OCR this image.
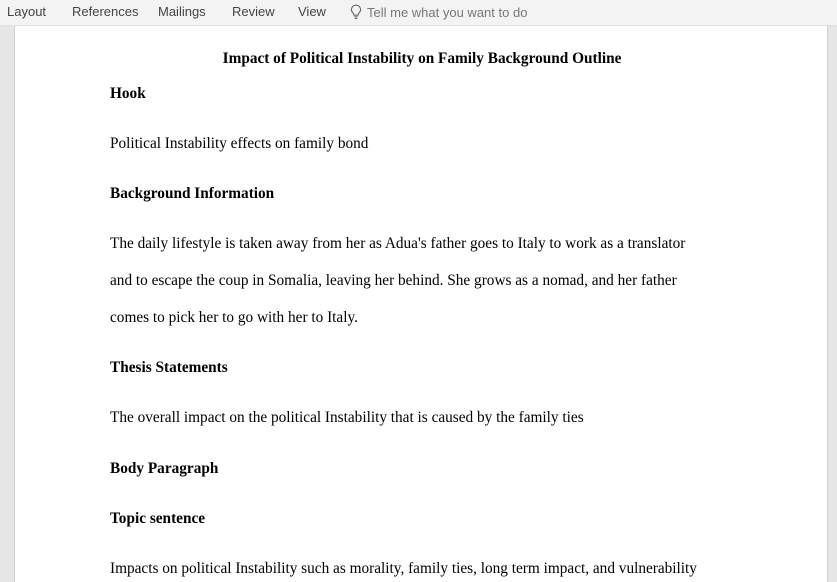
Layout References Mailings Review View	Tell me what you want to do
Impact of Political Instability on Family Background Outline
Hook
Political Instability effects on family bond
Background Information
The daily lifestyle is taken away from her as Adua's father goes to Italy to work as a translator
and to escape the coup in Somalia, leaving her behind. She grows as a nomad, and her father
comes to pick her to go with her to Italy.
Thesis Statements
The overall impact on the political Instability that is caused by the family ties
Body Paragraph
Topic sentence
Impacts on political Instability such as morality, family ties, long term impact, and vulnerability
